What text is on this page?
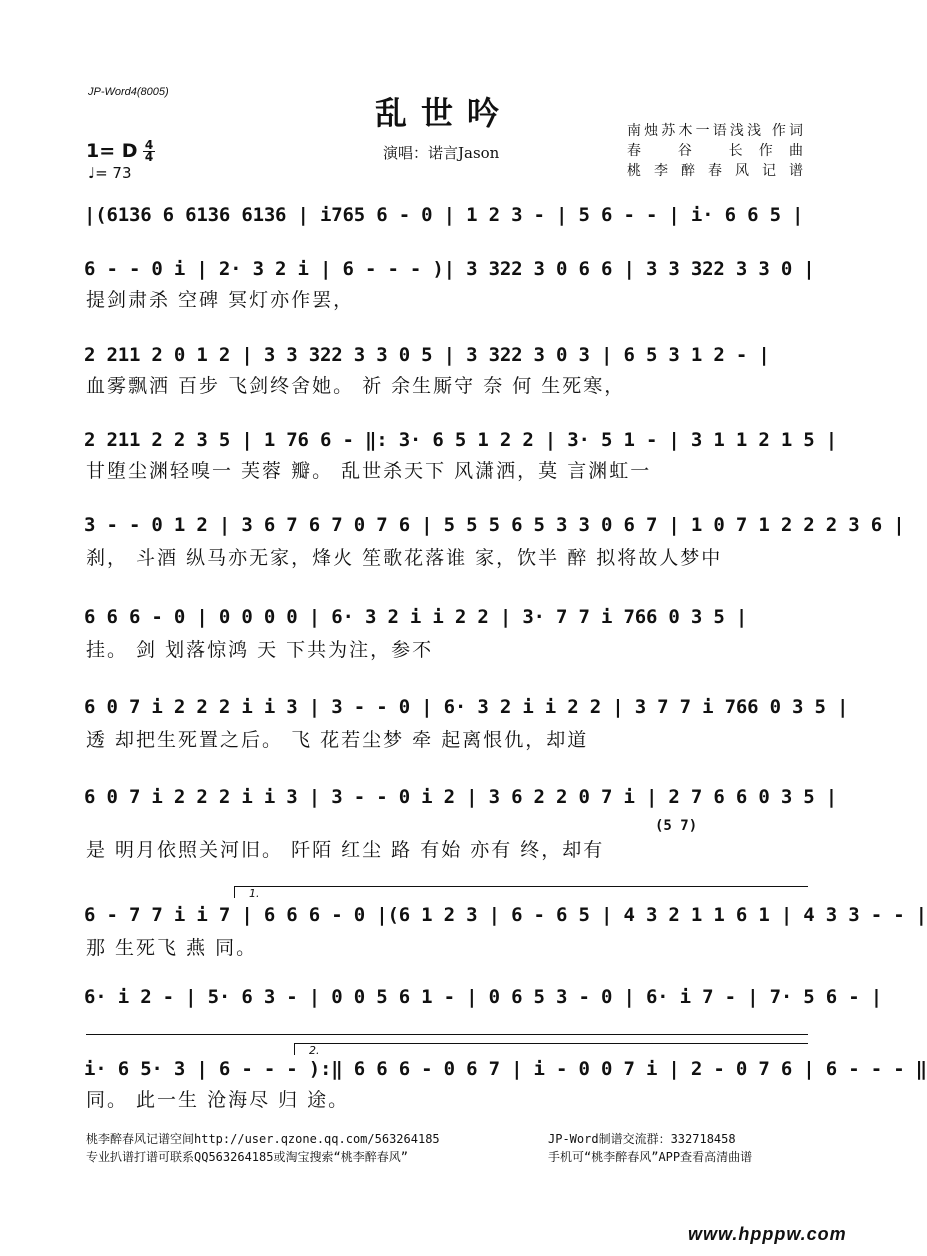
JP-Word4(8005)
乱世吟
1= D 4
4
♩= 73
演唱：诺言Jason
南烛苏木一语浅浅 作词
春 谷 长作曲
桃李醉春风记谱
|(6136 6 6136 6136 | i765 6 - 0 | 1 2 3 - | 5 6 - - | i· 6 6 5 |
6 - - 0 i | 2· 3 2 i | 6 - - - )| 3 322 3 0 6 6 | 3 3 322 3 3 0 |
提剑肃杀 空碑 冥灯亦作罢，
2 211 2 0 1 2 | 3 3 322 3 3 0 5 | 3 322 3 0 3 | 6 5 3 1 2 - |
血雾飘洒 百步 飞剑终舍她。 祈 余生厮守 奈 何 生死寒，
2 211 2 2 3 5 | 1 76 6 - ‖: 3· 6 5 1 2 2 | 3· 5 1 - | 3 1 1 2 1 5 |
甘堕尘渊轻嗅一 芙蓉 瓣。 乱世杀天下 风潇洒，莫 言渊虹一
3 - - 0 1 2 | 3 6 7 6 7 0 7 6 | 5 5 5 6 5 3 3 0 6 7 | 1 0 7 1 2 2 2 3 6 |
刹， 斗酒 纵马亦无家，烽火 笙歌花落谁 家，饮半 醉 拟将故人梦中
6 6 6 - 0 | 0 0 0 0 | 6· 3 2 i i 2 2 | 3· 7 7 i 766 0 3 5 |
挂。 剑 划落惊鸿 天 下共为注，参不
6 0 7 i 2 2 2 i i 3 | 3 - - 0 | 6· 3 2 i i 2 2 | 3 7 7 i 766 0 3 5 |
透 却把生死置之后。 飞 花若尘梦 牵 起离恨仇，却道
6 0 7 i 2 2 2 i i 3 | 3 - - 0 i 2 | 3 6 2 2 0 7 i | 2 7 6 6 0 3 5 |
(5 7)
是 明月依照关河旧。 阡陌 红尘 路 有始 亦有 终，却有
1.
6 - 7 7 i i 7 | 6 6 6 - 0 |(6 1 2 3 | 6 - 6 5 | 4 3 2 1 1 6 1 | 4 3 3 - - |
那 生死飞 燕 同。
6· i 2 - | 5· 6 3 - | 0 0 5 6 1 - | 0 6 5 3 - 0 | 6· i 7 - | 7· 5 6 - |
2.
i· 6 5· 3 | 6 - - - ):‖ 6 6 6 - 0 6 7 | i - 0 0 7 i | 2 - 0 7 6 | 6 - - - ‖
同。 此一生 沧海尽 归 途。
桃李醉春风记谱空间http://user.qzone.qq.com/563264185
专业扒谱打谱可联系QQ563264185或淘宝搜索“桃李醉春风”
JP-Word制谱交流群：332718458
手机可“桃李醉春风”APP查看高清曲谱
www.hpppw.com
